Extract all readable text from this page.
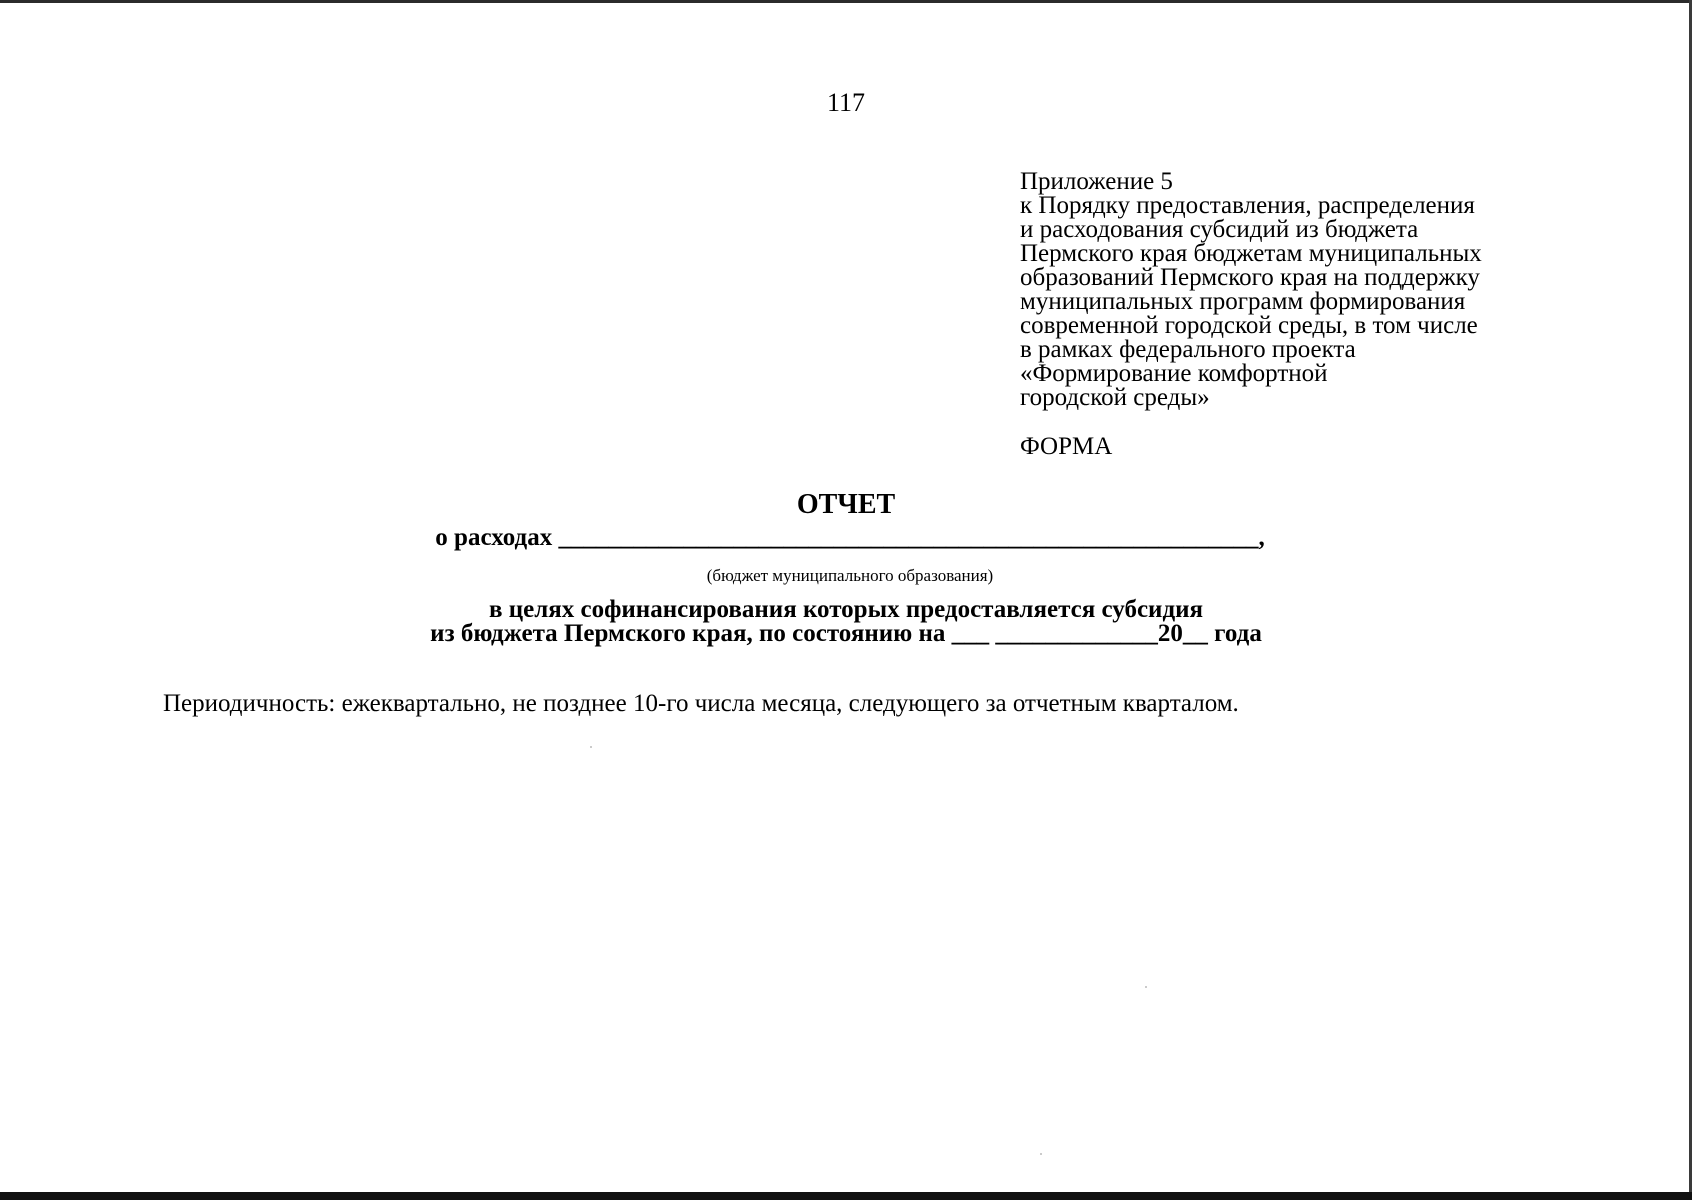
117
Приложение 5
к Порядку предоставления, распределения
и расходования субсидий из бюджета
Пермского края бюджетам муниципальных
образований Пермского края на поддержку
муниципальных программ формирования
современной городской среды, в том числе
в рамках федерального проекта
«Формирование комфортной
городской среды»
ФОРМА
ОТЧЕТ
о расходах ________________________________________________________,
(бюджет муниципального образования)
в целях софинансирования которых предоставляется субсидия
из бюджета Пермского края, по состоянию на ___ _____________20__ года
Периодичность: ежеквартально, не позднее 10-го числа месяца, следующего за отчетным кварталом.
